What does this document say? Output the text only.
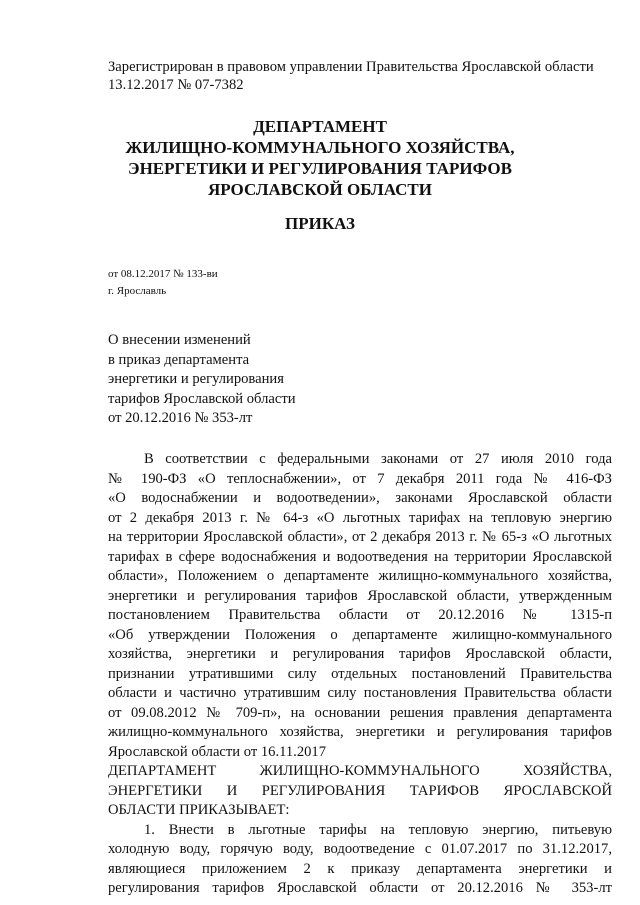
Зарегистрирован в правовом управлении Правительства Ярославской области
13.12.2017 № 07-7382
ДЕПАРТАМЕНТ
ЖИЛИЩНО-КОММУНАЛЬНОГО ХОЗЯЙСТВА,
ЭНЕРГЕТИКИ И РЕГУЛИРОВАНИЯ ТАРИФОВ
ЯРОСЛАВСКОЙ ОБЛАСТИ
ПРИКАЗ
от 08.12.2017 № 133-ви
г. Ярославль
О внесении изменений
в приказ департамента
энергетики и регулирования
тарифов Ярославской области
от 20.12.2016 № 353-лт
В соответствии с федеральными законами от 27 июля 2010 года
№ 190-ФЗ «О теплоснабжении», от 7 декабря 2011 года № 416-ФЗ
«О водоснабжении и водоотведении», законами Ярославской области
от 2 декабря 2013 г. № 64-з «О льготных тарифах на тепловую энергию
на территории Ярославской области», от 2 декабря 2013 г. № 65-з «О льготных
тарифах в сфере водоснабжения и водоотведения на территории Ярославской
области», Положением о департаменте жилищно-коммунального хозяйства,
энергетики и регулирования тарифов Ярославской области, утвержденным
постановлением Правительства области от 20.12.2016 № 1315-п
«Об утверждении Положения о департаменте жилищно-коммунального
хозяйства, энергетики и регулирования тарифов Ярославской области,
признании утратившими силу отдельных постановлений Правительства
области и частично утратившим силу постановления Правительства области
от 09.08.2012 № 709-п», на основании решения правления департамента
жилищно-коммунального хозяйства, энергетики и регулирования тарифов
Ярославской области от 16.11.2017
ДЕПАРТАМЕНТ ЖИЛИЩНО-КОММУНАЛЬНОГО ХОЗЯЙСТВА,
ЭНЕРГЕТИКИ И РЕГУЛИРОВАНИЯ ТАРИФОВ ЯРОСЛАВСКОЙ
ОБЛАСТИ ПРИКАЗЫВАЕТ:
1. Внести в льготные тарифы на тепловую энергию, питьевую
холодную воду, горячую воду, водоотведение с 01.07.2017 по 31.12.2017,
являющиеся приложением 2 к приказу департамента энергетики и
регулирования тарифов Ярославской области от 20.12.2016 № 353-лт
